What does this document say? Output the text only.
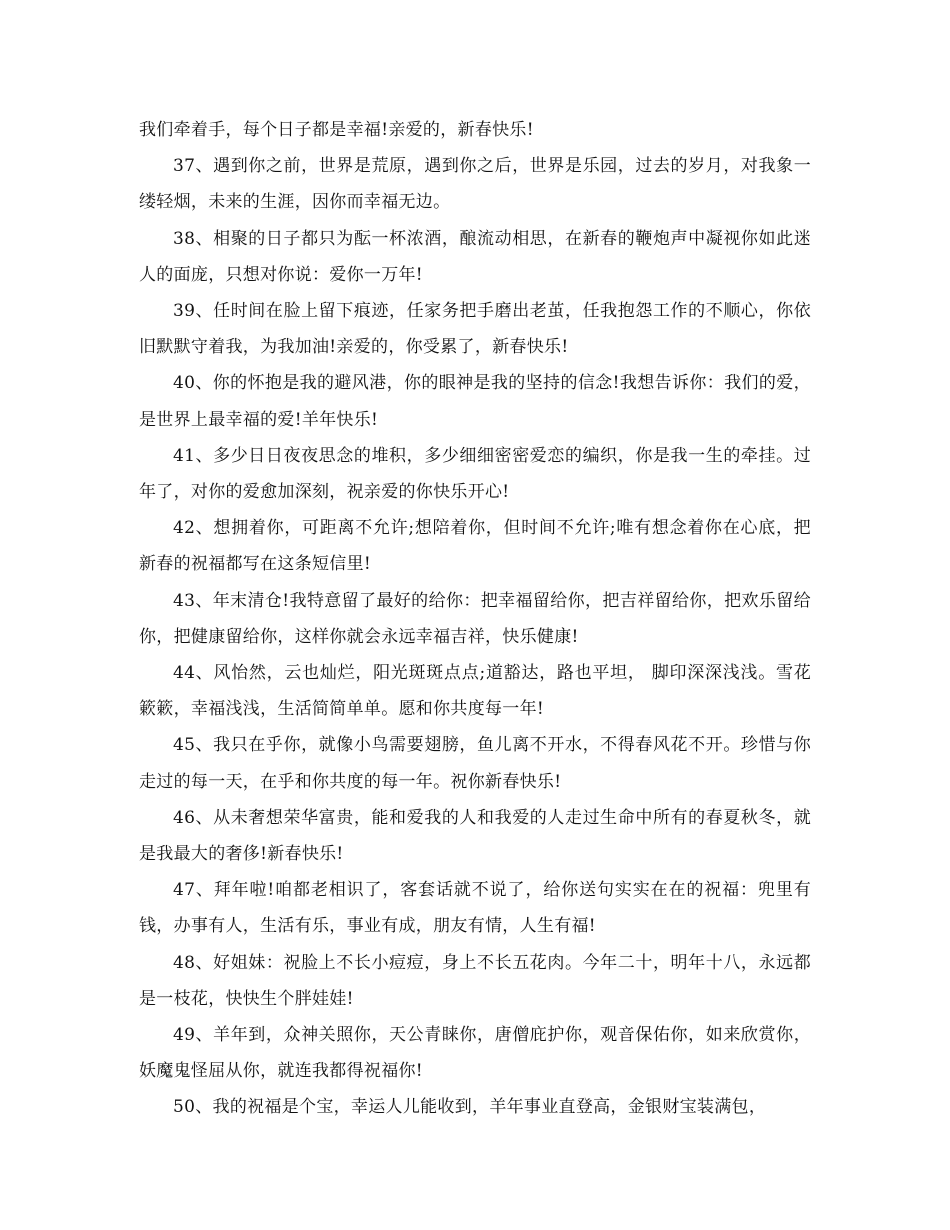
我们牵着手，每个日子都是幸福!亲爱的，新春快乐!

37、遇到你之前，世界是荒原，遇到你之后，世界是乐园，过去的岁月，对我象一缕轻烟，未来的生涯，因你而幸福无边。

38、相聚的日子都只为酝一杯浓酒，酿流动相思，在新春的鞭炮声中凝视你如此迷人的面庞，只想对你说：爱你一万年!

39、任时间在脸上留下痕迹，任家务把手磨出老茧，任我抱怨工作的不顺心，你依旧默默守着我，为我加油!亲爱的，你受累了，新春快乐!

40、你的怀抱是我的避风港，你的眼神是我的坚持的信念!我想告诉你：我们的爱，是世界上最幸福的爱!羊年快乐!

41、多少日日夜夜思念的堆积，多少细细密密爱恋的编织，你是我一生的牵挂。过年了，对你的爱愈加深刻，祝亲爱的你快乐开心!

42、想拥着你，可距离不允许;想陪着你，但时间不允许;唯有想念着你在心底，把新春的祝福都写在这条短信里!

43、年末清仓!我特意留了最好的给你：把幸福留给你，把吉祥留给你，把欢乐留给你，把健康留给你，这样你就会永远幸福吉祥，快乐健康!

44、风怡然，云也灿烂，阳光斑斑点点;道豁达，路也平坦， 脚印深深浅浅。雪花簌簌，幸福浅浅，生活简简单单。愿和你共度每一年!

45、我只在乎你，就像小鸟需要翅膀，鱼儿离不开水，不得春风花不开。珍惜与你走过的每一天，在乎和你共度的每一年。祝你新春快乐!

46、从未奢想荣华富贵，能和爱我的人和我爱的人走过生命中所有的春夏秋冬，就是我最大的奢侈!新春快乐!

47、拜年啦!咱都老相识了，客套话就不说了，给你送句实实在在的祝福：兜里有钱，办事有人，生活有乐，事业有成，朋友有情，人生有福!

48、好姐妹：祝脸上不长小痘痘，身上不长五花肉。今年二十，明年十八，永远都是一枝花，快快生个胖娃娃!

49、羊年到，众神关照你，天公青睐你，唐僧庇护你，观音保佑你，如来欣赏你，妖魔鬼怪屈从你，就连我都得祝福你!

50、我的祝福是个宝，幸运人儿能收到，羊年事业直登高，金银财宝装满包，
